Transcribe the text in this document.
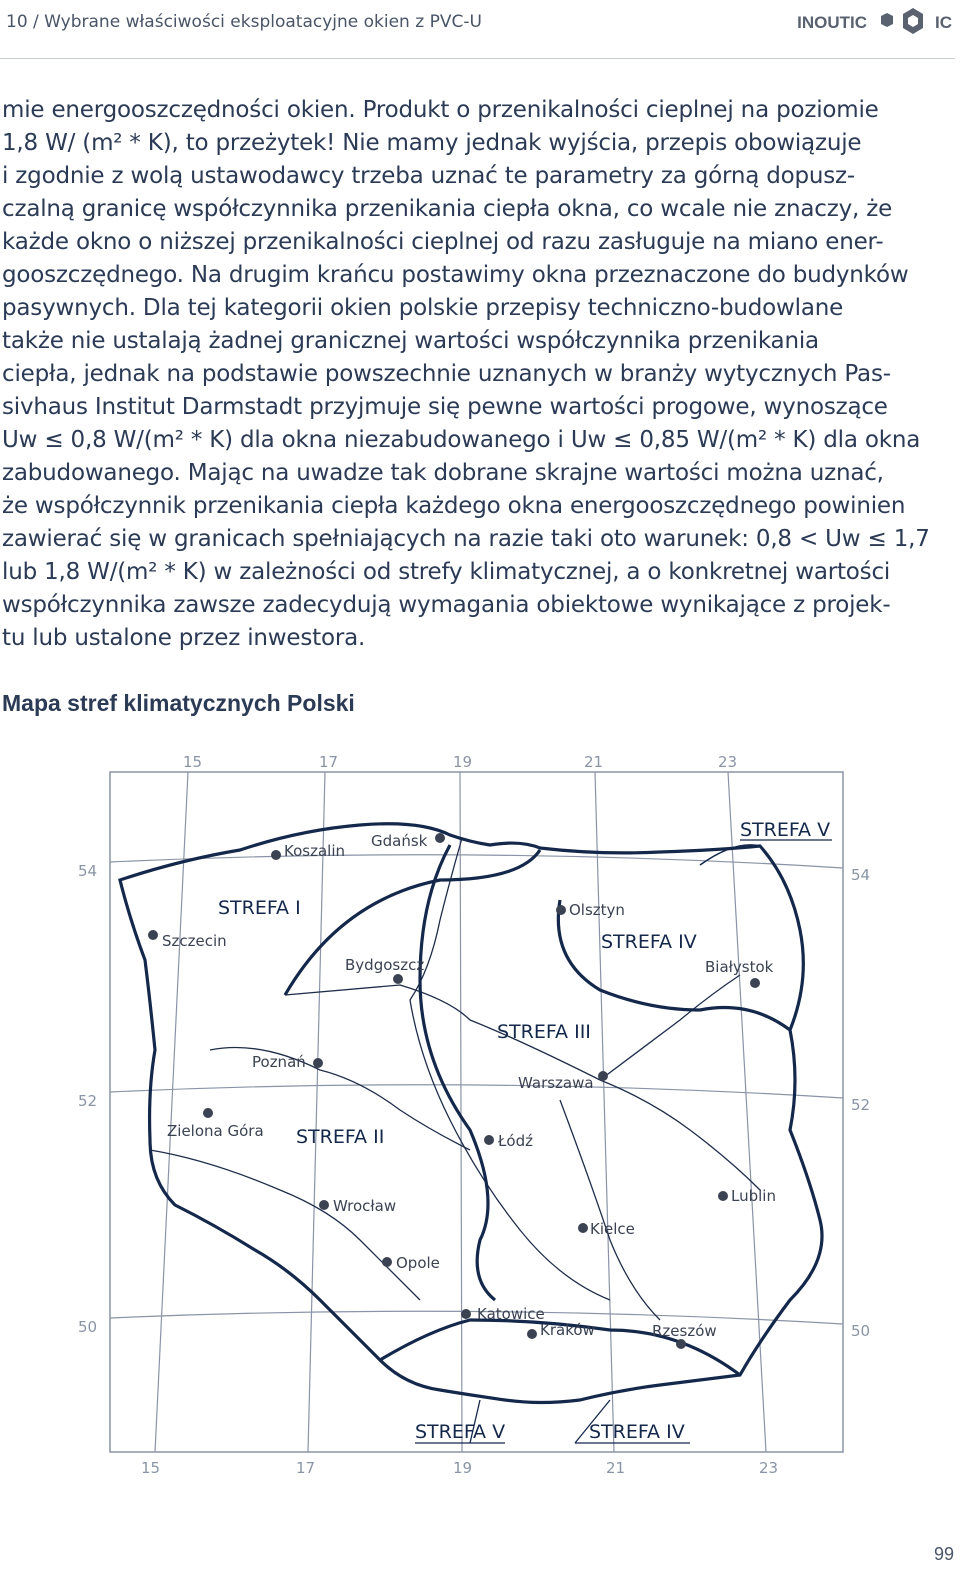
10 / Wybrane właściwości eksploatacyjne okien z PVC-U	INOUTIC	IC
mie energooszczędności okien. Produkt o przenikalności cieplnej na poziomie
1,8 W/ (m² * K), to przeżytek! Nie mamy jednak wyjścia, przepis obowiązuje
i zgodnie z wolą ustawodawcy trzeba uznać te parametry za górną dopusz-
czalną granicę współczynnika przenikania ciepła okna, co wcale nie znaczy, że
każde okno o niższej przenikalności cieplnej od razu zasługuje na miano ener-
gooszczędnego. Na drugim krańcu postawimy okna przeznaczone do budynków
pasywnych. Dla tej kategorii okien polskie przepisy techniczno-budowlane
także nie ustalają żadnej granicznej wartości współczynnika przenikania
ciepła, jednak na podstawie powszechnie uznanych w branży wytycznych Pas-
sivhaus Institut Darmstadt przyjmuje się pewne wartości progowe, wynoszące
Uw ≤ 0,8 W/(m² * K) dla okna niezabudowanego i Uw ≤ 0,85 W/(m² * K) dla okna
zabudowanego. Mając na uwadze tak dobrane skrajne wartości można uznać,
że współczynnik przenikania ciepła każdego okna energooszczędnego powinien
zawierać się w granicach spełniających na razie taki oto warunek: 0,8 < Uw ≤ 1,7
lub 1,8 W/(m² * K) w zależności od strefy klimatycznej, a o konkretnej wartości
współczynnika zawsze zadecydują wymagania obiektowe wynikające z projek-
tu lub ustalone przez inwestora.
Mapa stref klimatycznych Polski
15	17	19	21	23
15	17	19	21	23
54
52
50
54
52
50
STREFA V
STREFA I
STREFA IV
STREFA III
STREFA II
STREFA V	STREFA IV
Koszalin
Gdańsk
Szczecin
Olsztyn
Białystok
Bydgoszcz
Poznań
Warszawa
Zielona Góra
Łódź
Wrocław
Lublin
Kielce
Opole
Katowice
Kraków	Rzeszów
99
